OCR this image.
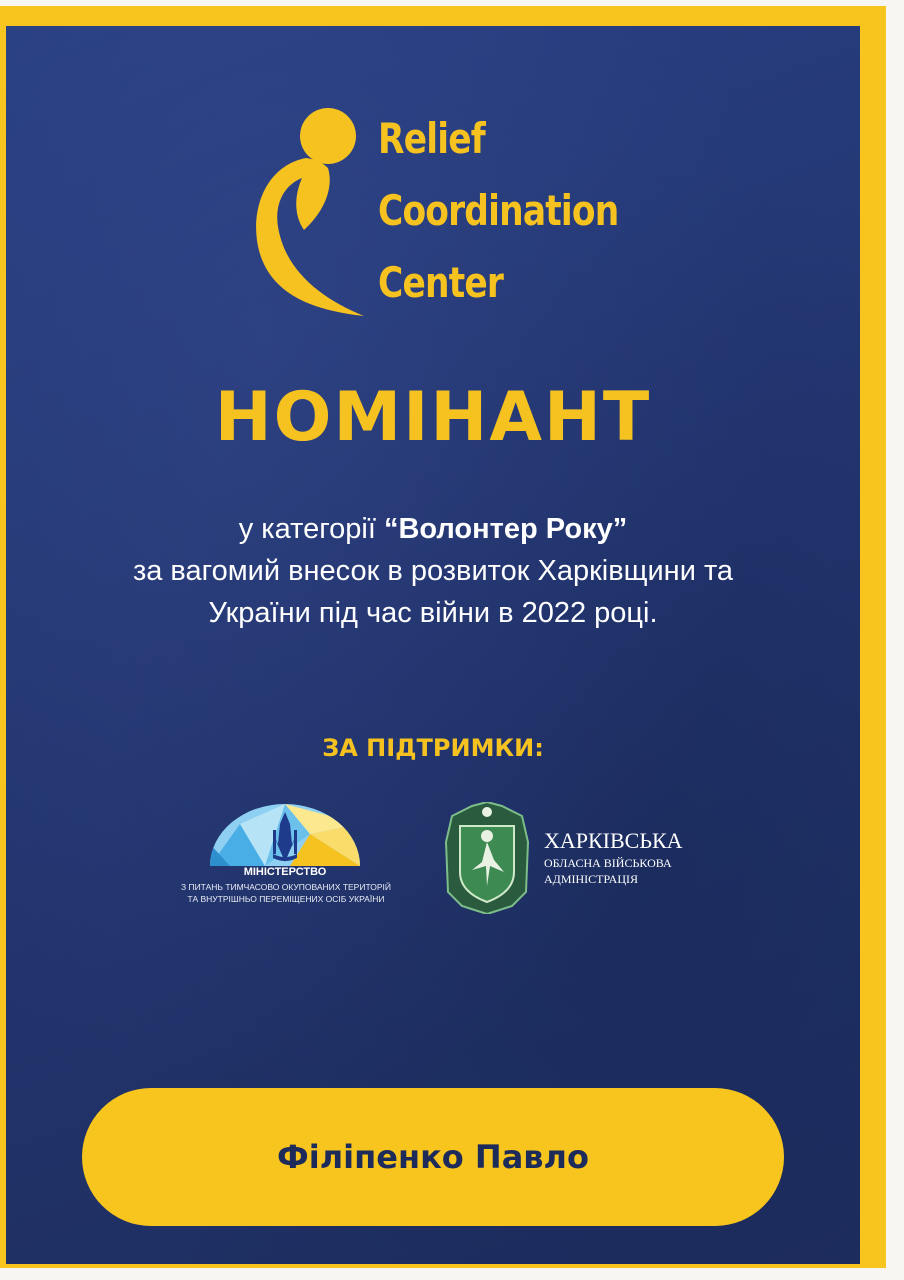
Relief
Coordination
Center
НОМІНАНТ
у категорії “Волонтер Року”
за вагомий внесок в розвиток Харківщини та
України під час війни в 2022 році.
ЗА ПІДТРИМКИ:
МІНІСТЕРСТВО
З ПИТАНЬ ТИМЧАСОВО ОКУПОВАНИХ ТЕРИТОРІЙ
ТА ВНУТРІШНЬО ПЕРЕМІЩЕНИХ ОСІБ УКРАЇНИ
ХАРКІВСЬКА
ОБЛАСНА ВІЙСЬКОВА
АДМІНІСТРАЦІЯ
Філіпенко Павло
